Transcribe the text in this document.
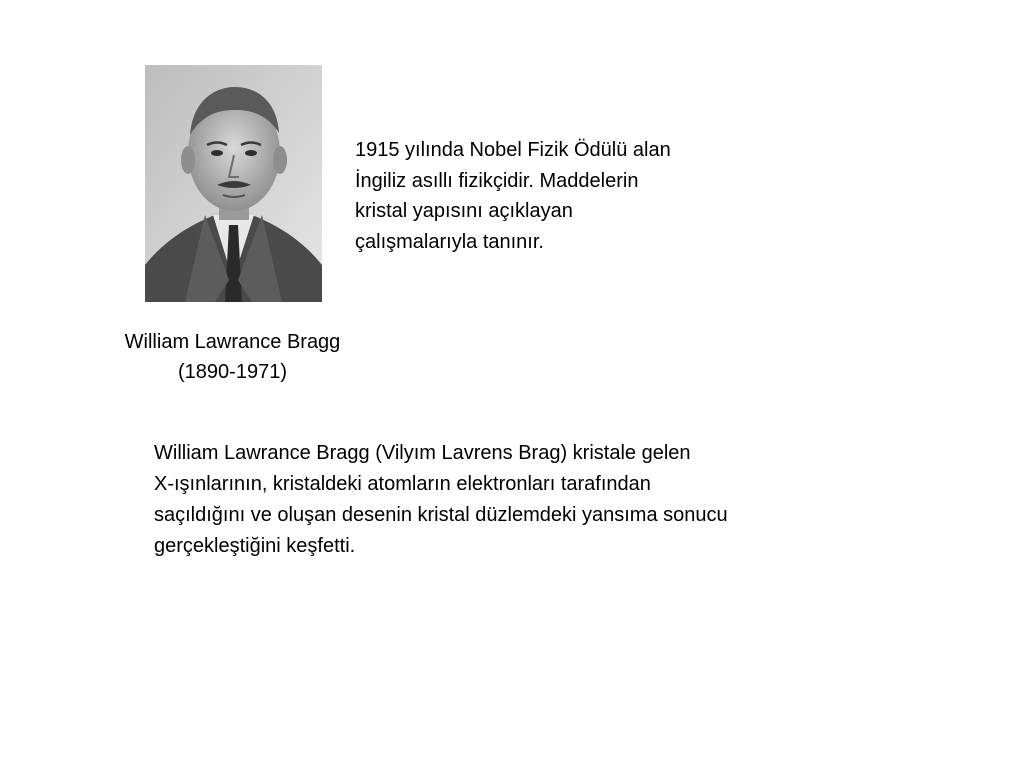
1915 yılında Nobel Fizik Ödülü alan
İngiliz asıllı fizikçidir. Maddelerin
kristal yapısını açıklayan
çalışmalarıyla tanınır.

William Lawrance Bragg
(1890-1971)
William Lawrance Bragg (Vilyım Lavrens Brag) kristale gelen
X-ışınlarının, kristaldeki atomların elektronları tarafından
saçıldığını ve oluşan desenin kristal düzlemdeki yansıma sonucu
gerçekleştiğini keşfetti.
